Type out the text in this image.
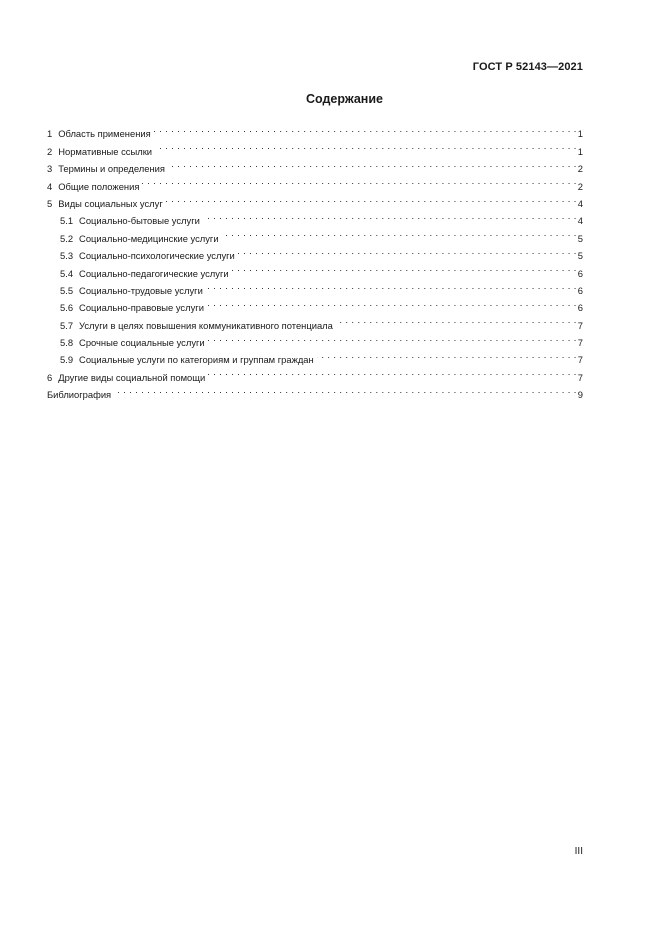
ГОСТ Р 52143—2021
Содержание
1 Область применения . . .	1
2 Нормативные ссылки . . .	1
3 Термины и определения . . .	2
4 Общие положения . . .	2
5 Виды социальных услуг . . .	4
5.1 Социально-бытовые услуги . . .	4
5.2 Социально-медицинские услуги . . .	5
5.3 Социально-психологические услуги . . .	5
5.4 Социально-педагогические услуги . . .	6
5.5 Социально-трудовые услуги . . .	6
5.6 Социально-правовые услуги . . .	6
5.7 Услуги в целях повышения коммуникативного потенциала . . .	7
5.8 Срочные социальные услуги . . .	7
5.9 Социальные услуги по категориям и группам граждан . . .	7
6 Другие виды социальной помощи . . .	7
Библиография . . .	9
III
